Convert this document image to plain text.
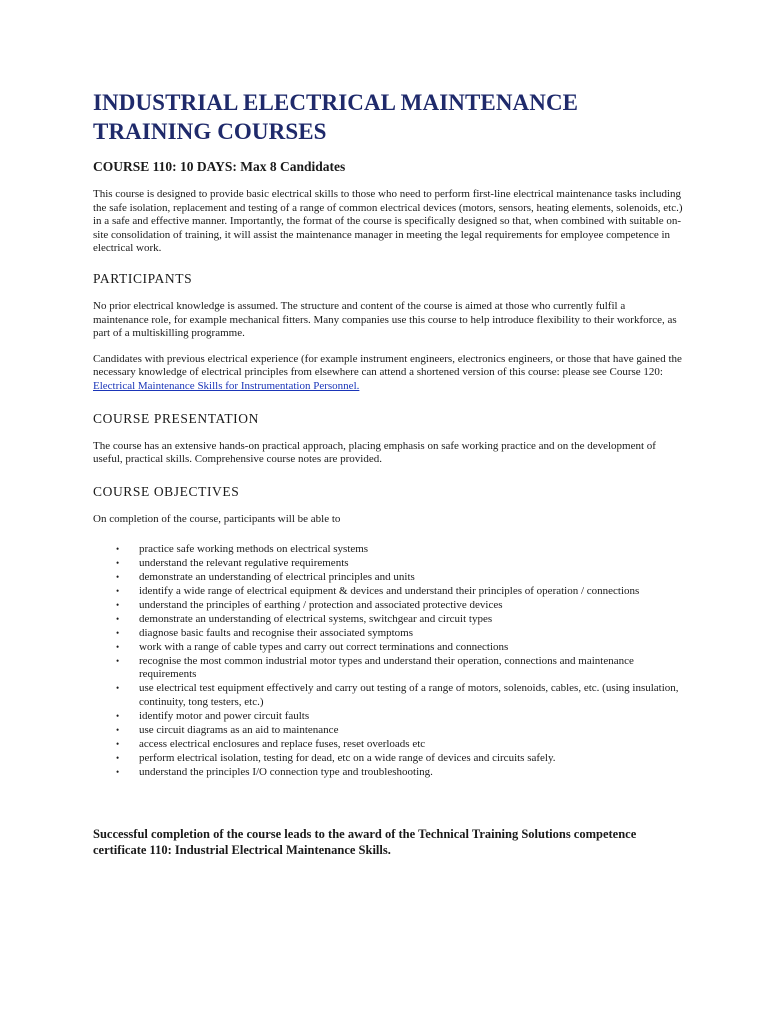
INDUSTRIAL ELECTRICAL MAINTENANCE TRAINING COURSES
COURSE 110: 10 DAYS: Max 8 Candidates

This course is designed to provide basic electrical skills to those who need to perform first-line electrical maintenance tasks including the safe isolation, replacement and testing of a range of common electrical devices (motors, sensors, heating elements, solenoids, etc.) in a safe and effective manner. Importantly, the format of the course is specifically designed so that, when combined with suitable on-site consolidation of training, it will assist the maintenance manager in meeting the legal requirements for employee competence in electrical work.

PARTICIPANTS

No prior electrical knowledge is assumed. The structure and content of the course is aimed at those who currently fulfil a maintenance role, for example mechanical fitters. Many companies use this course to help introduce flexibility to their workforce, as part of a multiskilling programme.

Candidates with previous electrical experience (for example instrument engineers, electronics engineers, or those that have gained the necessary knowledge of electrical principles from elsewhere can attend a shortened version of this course: please see Course 120: Electrical Maintenance Skills for Instrumentation Personnel.

COURSE PRESENTATION

The course has an extensive hands-on practical approach, placing emphasis on safe working practice and on the development of useful, practical skills. Comprehensive course notes are provided.

COURSE OBJECTIVES

On completion of the course, participants will be able to

• practice safe working methods on electrical systems
• understand the relevant regulative requirements
• demonstrate an understanding of electrical principles and units
• identify a wide range of electrical equipment & devices and understand their principles of operation / connections
• understand the principles of earthing / protection and associated protective devices
• demonstrate an understanding of electrical systems, switchgear and circuit types
• diagnose basic faults and recognise their associated symptoms
• work with a range of cable types and carry out correct terminations and connections
• recognise the most common industrial motor types and understand their operation, connections and maintenance requirements
• use electrical test equipment effectively and carry out testing of a range of motors, solenoids, cables, etc. (using insulation, continuity, tong testers, etc.)
• identify motor and power circuit faults
• use circuit diagrams as an aid to maintenance
• access electrical enclosures and replace fuses, reset overloads etc
• perform electrical isolation, testing for dead, etc on a wide range of devices and circuits safely.
• understand the principles I/O connection type and troubleshooting.

Successful completion of the course leads to the award of the Technical Training Solutions competence certificate 110: Industrial Electrical Maintenance Skills.
